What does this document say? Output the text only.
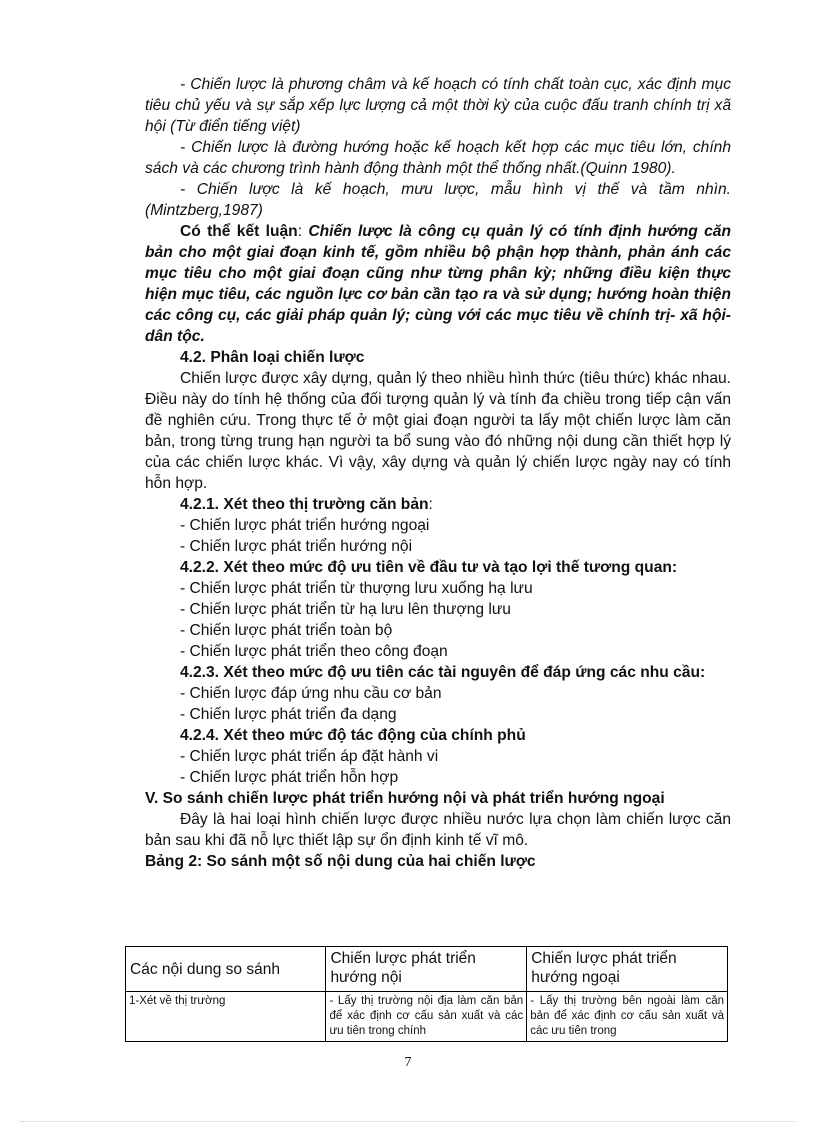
- Chiến lược là phương châm và kế hoạch có tính chất toàn cục, xác định mục tiêu chủ yếu và sự sắp xếp lực lượng cả một thời kỳ của cuộc đấu tranh chính trị xã hội (Từ điển tiếng việt)

- Chiến lược là đường hướng hoặc kế hoạch kết hợp các mục tiêu lớn, chính sách và các chương trình hành động thành một thể thống nhất.(Quinn 1980).

- Chiến lược là kế hoạch, mưu lược, mẫu hình vị thế và tầm nhìn. (Mintzberg,1987)

Có thể kết luận: Chiến lược là công cụ quản lý có tính định hướng căn bản cho một giai đoạn kinh tế, gồm nhiều bộ phận hợp thành, phản ánh các mục tiêu cho một giai đoạn cũng như từng phân kỳ; những điều kiện thực hiện mục tiêu, các nguồn lực cơ bản cần tạo ra và sử dụng; hướng hoàn thiện các công cụ, các giải pháp quản lý; cùng với các mục tiêu về chính trị- xã hội-dân tộc.

4.2. Phân loại chiến lược

Chiến lược được xây dựng, quản lý theo nhiều hình thức (tiêu thức) khác nhau. Điều này do tính hệ thống của đối tượng quản lý và tính đa chiều trong tiếp cận vấn đề nghiên cứu. Trong thực tế ở một giai đoạn người ta lấy một chiến lược làm căn bản, trong từng trung hạn người ta bổ sung vào đó những nội dung cần thiết hợp lý của các chiến lược khác. Vì vậy, xây dựng và quản lý chiến lược ngày nay có tính hỗn hợp.

4.2.1. Xét theo thị trường căn bản:

- Chiến lược phát triển hướng ngoại

- Chiến lược phát triển hướng nội

4.2.2. Xét theo mức độ ưu tiên về đầu tư và tạo lợi thế tương quan:

- Chiến lược phát triển từ thượng lưu xuống hạ lưu

- Chiến lược phát triển từ hạ lưu lên thượng lưu

- Chiến lược phát triển toàn bộ

- Chiến lược phát triển theo công đoạn

4.2.3. Xét theo mức độ ưu tiên các tài nguyên để đáp ứng các nhu cầu:

- Chiến lược đáp ứng nhu cầu cơ bản

- Chiến lược phát triển đa dạng

4.2.4. Xét theo mức độ tác động của chính phủ

- Chiến lược phát triển áp đặt hành vi

- Chiến lược phát triển hỗn hợp

V. So sánh chiến lược phát triển hướng nội và phát triển hướng ngoại

Đây là hai loại hình chiến lược được nhiều nước lựa chọn làm chiến lược căn bản sau khi đã nỗ lực thiết lập sự ổn định kinh tế vĩ mô.

Bảng 2: So sánh một số nội dung của hai chiến lược

Các nội dung so sánh	Chiến lược phát triển hướng nội	Chiến lược phát triển hướng ngoại

1-Xét về thị trường	- Lấy thị trường nội địa làm căn bản để xác định cơ cấu sản xuất và các ưu tiên trong chính	- Lấy thị trường bên ngoài làm căn bản để xác định cơ cấu sản xuất và các ưu tiên trong
7
